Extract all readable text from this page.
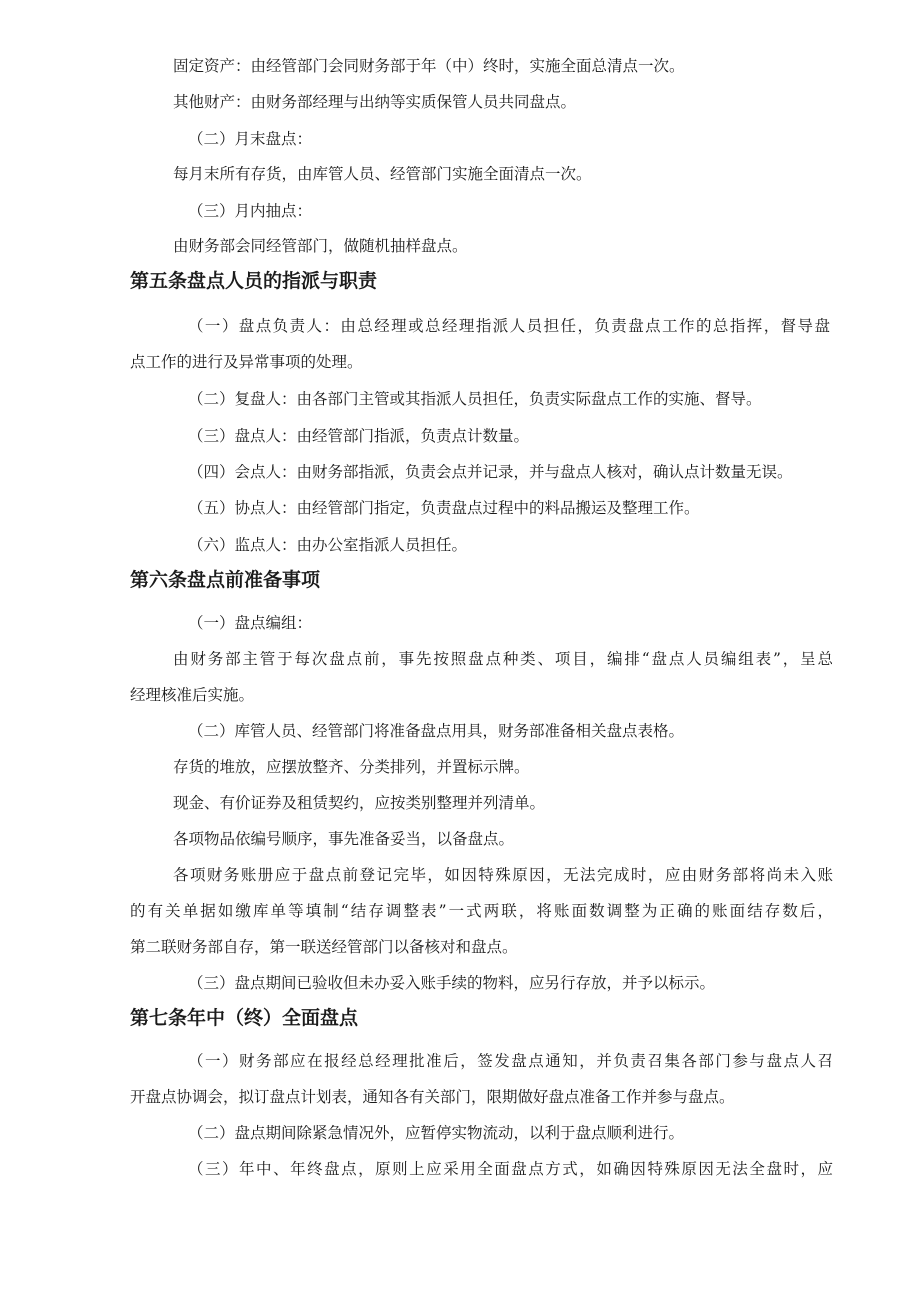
固定资产：由经管部门会同财务部于年（中）终时，实施全面总清点一次。
其他财产：由财务部经理与出纳等实质保管人员共同盘点。
（二）月末盘点：
每月末所有存货，由库管人员、经管部门实施全面清点一次。
（三）月内抽点：
由财务部会同经管部门，做随机抽样盘点。
第五条盘点人员的指派与职责
（一）盘点负责人：由总经理或总经理指派人员担任，负责盘点工作的总指挥，督导盘
点工作的进行及异常事项的处理。
（二）复盘人：由各部门主管或其指派人员担任，负责实际盘点工作的实施、督导。
（三）盘点人：由经管部门指派，负责点计数量。
（四）会点人：由财务部指派，负责会点并记录，并与盘点人核对，确认点计数量无误。
（五）协点人：由经管部门指定，负责盘点过程中的料品搬运及整理工作。
（六）监点人：由办公室指派人员担任。
第六条盘点前准备事项
（一）盘点编组：
由财务部主管于每次盘点前，事先按照盘点种类、项目，编排“盘点人员编组表”，呈总
经理核准后实施。
（二）库管人员、经管部门将准备盘点用具，财务部准备相关盘点表格。
存货的堆放，应摆放整齐、分类排列，并置标示牌。
现金、有价证券及租赁契约，应按类别整理并列清单。
各项物品依编号顺序，事先准备妥当，以备盘点。
各项财务账册应于盘点前登记完毕，如因特殊原因，无法完成时，应由财务部将尚未入账
的有关单据如缴库单等填制“结存调整表”一式两联，将账面数调整为正确的账面结存数后，
第二联财务部自存，第一联送经管部门以备核对和盘点。
（三）盘点期间已验收但未办妥入账手续的物料，应另行存放，并予以标示。
第七条年中（终）全面盘点
（一）财务部应在报经总经理批准后，签发盘点通知，并负责召集各部门参与盘点人召
开盘点协调会，拟订盘点计划表，通知各有关部门，限期做好盘点准备工作并参与盘点。
（二）盘点期间除紧急情况外，应暂停实物流动，以利于盘点顺利进行。
（三）年中、年终盘点，原则上应采用全面盘点方式，如确因特殊原因无法全盘时，应
